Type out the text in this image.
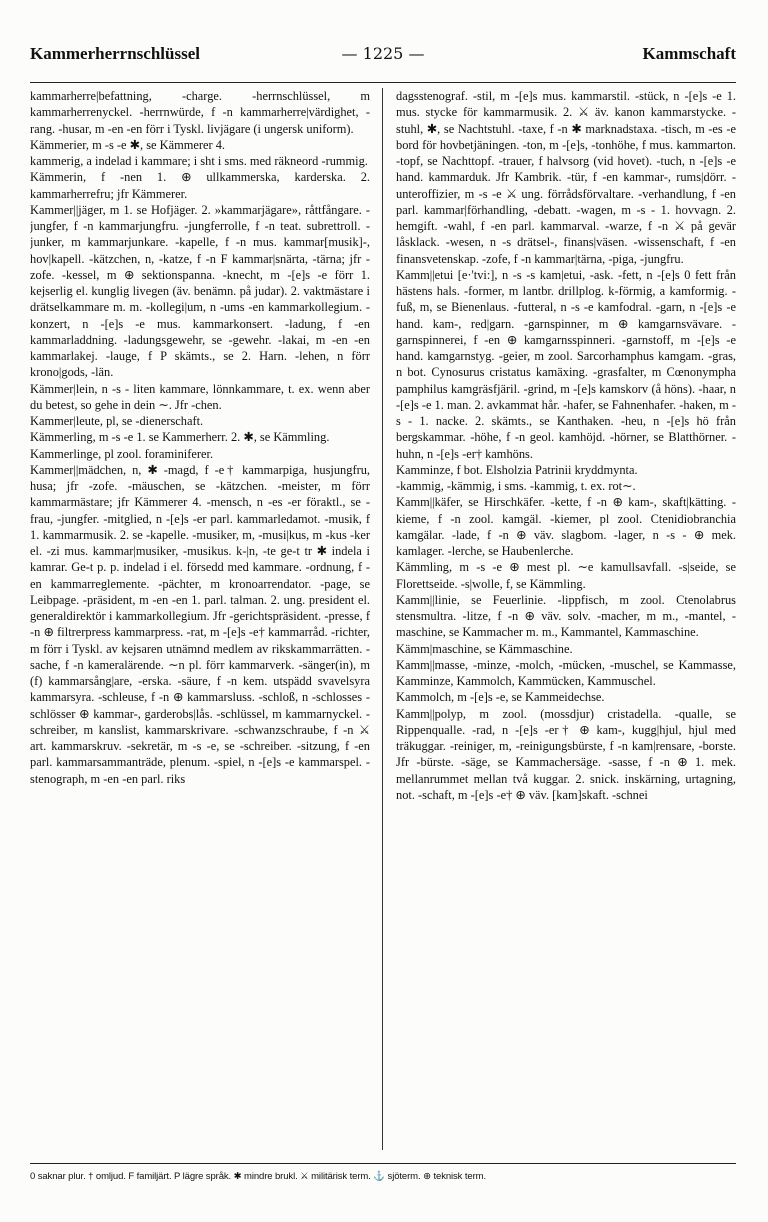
Kammerherrnschlüssel	— 1225 —	Kammschaft

kammarherre|befattning, -charge. -herrnschlüssel, m kammarherrenyckel. -herrnwürde, f -n kammarherre|värdighet, -rang. -husar, m -en -en förr i Tyskl. livjägare (i ungersk uniform).

Kämmerier, m -s -e ✱, se Kämmerer 4.

kammerig, a indelad i kammare; i sht i sms. med räkneord -rummig.

Kämmerin, f -nen 1. ⊕ ullkammerska, karderska. 2. kammarherrefru; jfr Kämmerer.

Kammer||jäger, m 1. se Hofjäger. 2. »kammarjägare», råttfångare. -jungfer, f -n kammarjungfru. -jungferrolle, f -n teat. subrettroll. -junker, m kammarjunkare. -kapelle, f -n mus. kammar[musik]-, hov|kapell. -kätzchen, n, -katze, f -n F kammar|snärta, -tärna; jfr -zofe. -kessel, m ⊕ sektionspanna. -knecht, m -[e]s -e förr 1. kejserlig el. kunglig livegen (äv. benämn. på judar). 2. vaktmästare i drätselkammare m. m. -kollegi|um, n -ums -en kammarkollegium. -konzert, n -[e]s -e mus. kammarkonsert. -ladung, f -en kammarladdning. -ladungsgewehr, se -gewehr. -lakai, m -en -en kammarlakej. -lauge, f P skämts., se 2. Harn. -lehen, n förr krono|gods, -län.

Kämmer|lein, n -s - liten kammare, lönnkammare, t. ex. wenn aber du betest, so gehe in dein ∼. Jfr -chen.

Kammer|leute, pl, se -dienerschaft.

Kämmerling, m -s -e 1. se Kammerherr. 2. ✱, se Kämmling.

Kammerlinge, pl zool. foraminiferer.

Kammer||mädchen, n, ✱ -magd, f -e† kammarpiga, husjungfru, husa; jfr -zofe. -mäuschen, se -kätzchen. -meister, m förr kammarmästare; jfr Kämmerer 4. -mensch, n -es -er föraktl., se -frau, -jungfer. -mitglied, n -[e]s -er parl. kammarledamot. -musik, f 1. kammarmusik. 2. se -kapelle. -musiker, m, -musi|kus, m -kus -ker el. -zi mus. kammar|musiker, -musikus. k-|n, -te ge-t tr ✱ indela i kamrar. Ge-t p. p. indelad i el. försedd med kammare. -ordnung, f -en kammarreglemente. -pächter, m kronoarrendator. -page, se Leibpage. -präsident, m -en -en 1. parl. talman. 2. ung. president el. generaldirektör i kammarkollegium. Jfr -gerichtspräsident. -presse, f -n ⊕ filtrerpress kammarpress. -rat, m -[e]s -e† kammarråd. -richter, m förr i Tyskl. av kejsaren utnämnd medlem av rikskammarrätten. -sache, f -n kameralärende. ∼n pl. förr kammarverk. -sänger(in), m (f) kammarsång|are, -erska. -säure, f -n kem. utspädd svavelsyra kammarsyra. -schleuse, f -n ⊕ kammarsluss. -schloß, n -schlosses -schlösser ⊕ kammar-, garderobs|lås. -schlüssel, m kammarnyckel. -schreiber, m kanslist, kammarskrivare. -schwanzschraube, f -n ⚔ art. kammarskruv. -sekretär, m -s -e, se -schreiber. -sitzung, f -en parl. kammarsammanträde, plenum. -spiel, n -[e]s -e kammarspel. -stenograph, m -en -en parl. riks

dagsstenograf. -stil, m -[e]s mus. kammarstil. -stück, n -[e]s -e 1. mus. stycke för kammarmusik. 2. ⚔ äv. kanon kammarstycke. -stuhl, ✱, se Nachtstuhl. -taxe, f -n ✱ marknadstaxa. -tisch, m -es -e bord för hovbetjäningen. -ton, m -[e]s, -tonhöhe, f mus. kammarton. -topf, se Nachttopf. -trauer, f halvsorg (vid hovet). -tuch, n -[e]s -e hand. kammarduk. Jfr Kambrik. -tür, f -en kammar-, rums|dörr. -unteroffizier, m -s -e ⚔ ung. förrådsförvaltare. -verhandlung, f -en parl. kammar|förhandling, -debatt. -wagen, m -s - 1. hovvagn. 2. hemgift. -wahl, f -en parl. kammarval. -warze, f -n ⚔ på gevär låsklack. -wesen, n -s drätsel-, finans|väsen. -wissenschaft, f -en finansvetenskap. -zofe, f -n kammar|tärna, -piga, -jungfru.

Kamm||etui [e·'tvi:], n -s -s kam|etui, -ask. -fett, n -[e]s 0 fett från hästens hals. -former, m lantbr. drillplog. k-förmig, a kamformig. -fuß, m, se Bienenlaus. -futteral, n -s -e kamfodral. -garn, n -[e]s -e hand. kam-, red|garn. -garnspinner, m ⊕ kamgarnsvävare. -garnspinnerei, f -en ⊕ kamgarnsspinneri. -garnstoff, m -[e]s -e hand. kamgarnstyg. -geier, m zool. Sarcorhamphus kamgam. -gras, n bot. Cynosurus cristatus kamäxing. -grasfalter, m Cœnonympha pamphilus kamgräsfjäril. -grind, m -[e]s kamskorv (å höns). -haar, n -[e]s -e 1. man. 2. avkammat hår. -hafer, se Fahnenhafer. -haken, m -s - 1. nacke. 2. skämts., se Kanthaken. -heu, n -[e]s hö från bergskammar. -höhe, f -n geol. kamhöjd. -hörner, se Blatthörner. -huhn, n -[e]s -er† kamhöns.

Kamminze, f bot. Elsholzia Patrinii kryddmynta.

-kammig, -kämmig, i sms. -kammig, t. ex. rot∼.

Kamm||käfer, se Hirschkäfer. -kette, f -n ⊕ kam-, skaft|kätting. -kieme, f -n zool. kamgäl. -kiemer, pl zool. Ctenidiobranchia kamgälar. -lade, f -n ⊕ väv. slagbom. -lager, n -s - ⊕ mek. kamlager. -lerche, se Haubenlerche.

Kämmling, m -s -e ⊕ mest pl. ∼e kamullsavfall. -s|seide, se Florettseide. -s|wolle, f, se Kämmling.

Kamm||linie, se Feuerlinie. -lippfisch, m zool. Ctenolabrus stensmultra. -litze, f -n ⊕ väv. solv. -macher, m m., -mantel, -maschine, se Kammacher m. m., Kammantel, Kammaschine.

Kämm|maschine, se Kämmaschine.

Kamm||masse, -minze, -molch, -mücken, -muschel, se Kammasse, Kamminze, Kammolch, Kammücken, Kammuschel.

Kammolch, m -[e]s -e, se Kammeidechse.

Kamm||polyp, m zool. (mossdjur) cristadella. -qualle, se Rippenqualle. -rad, n -[e]s -er† ⊕ kam-, kugg|hjul, hjul med träkuggar. -reiniger, m, -reinigungsbürste, f -n kam|rensare, -borste. Jfr -bürste. -säge, se Kammachersäge. -sasse, f -n ⊕ 1. mek. mellanrummet mellan två kuggar. 2. snick. inskärning, urtagning, not. -schaft, m -[e]s -e† ⊕ väv. [kam]skaft. -schnei

0 saknar plur. † omljud. F familjärt. P lägre språk. ✱ mindre brukl. ⚔ militärisk term. ⚓ sjöterm. ⊕ teknisk term.
